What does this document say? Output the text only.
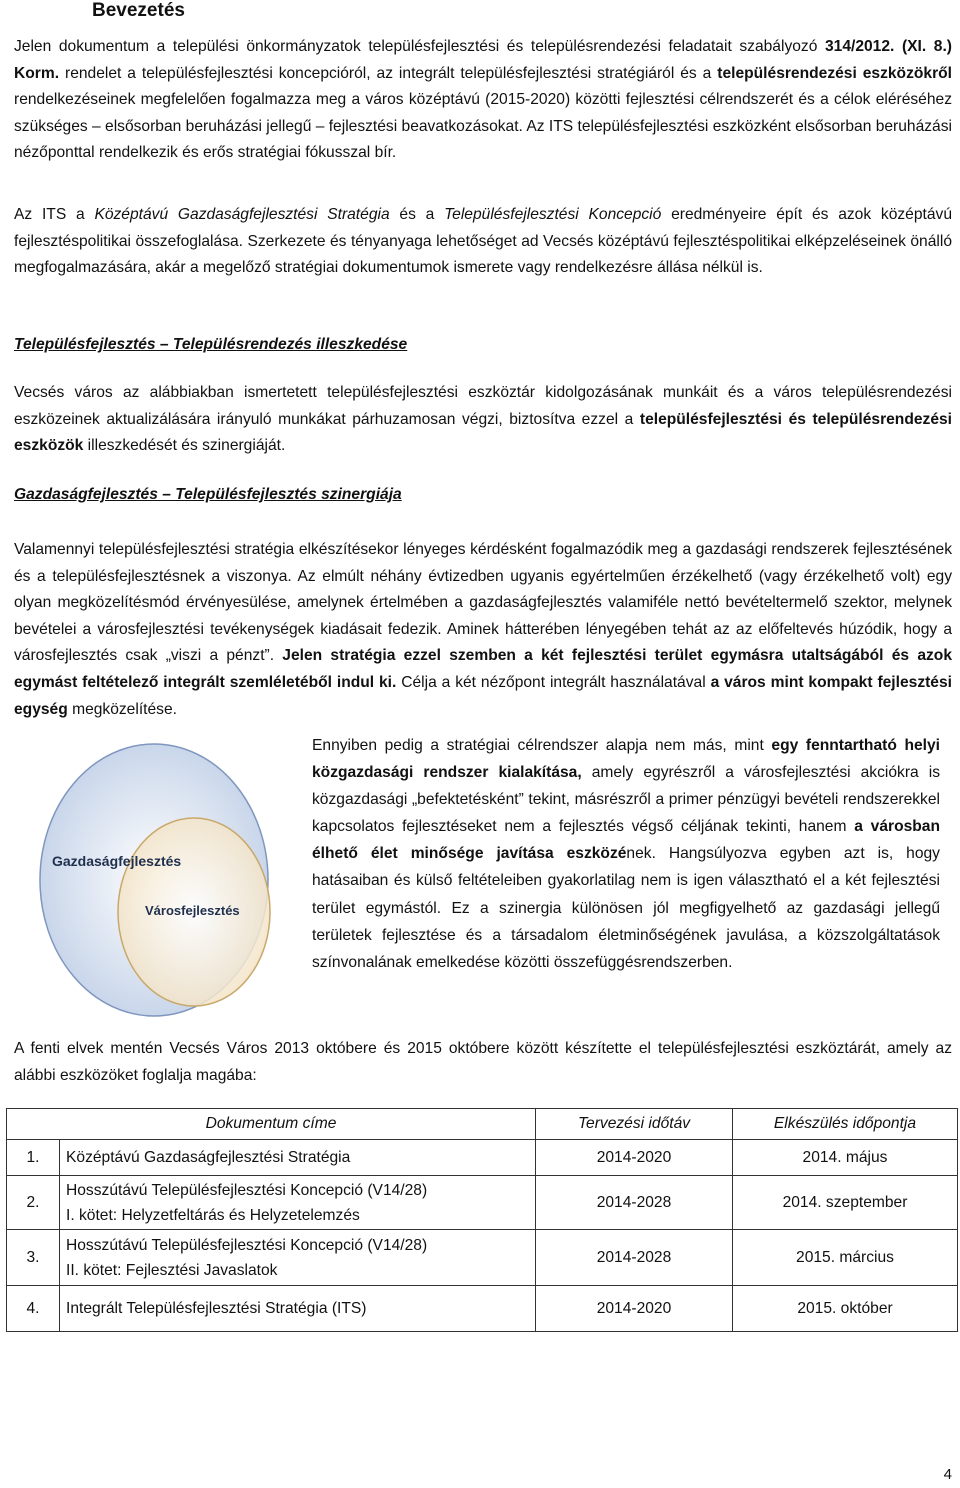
Bevezetés

Jelen dokumentum a települési önkormányzatok településfejlesztési és településrendezési feladatait szabályozó 314/2012. (XI. 8.) Korm. rendelet a településfejlesztési koncepcióról, az integrált településfejlesztési stratégiáról és a településrendezési eszközökről rendelkezéseinek megfelelően fogalmazza meg a város középtávú (2015-2020) közötti fejlesztési célrendszerét és a célok eléréséhez szükséges – elsősorban beruházási jellegű – fejlesztési beavatkozásokat. Az ITS településfejlesztési eszközként elsősorban beruházási nézőponttal rendelkezik és erős stratégiai fókusszal bír.

Az ITS a Középtávú Gazdaságfejlesztési Stratégia és a Településfejlesztési Koncepció eredményeire épít és azok középtávú fejlesztéspolitikai összefoglalása. Szerkezete és tényanyaga lehetőséget ad Vecsés középtávú fejlesztéspolitikai elképzeléseinek önálló megfogalmazására, akár a megelőző stratégiai dokumentumok ismerete vagy rendelkezésre állása nélkül is.

Településfejlesztés – Településrendezés illeszkedése

Vecsés város az alábbiakban ismertetett településfejlesztési eszköztár kidolgozásának munkáit és a város településrendezési eszközeinek aktualizálására irányuló munkákat párhuzamosan végzi, biztosítva ezzel a településfejlesztési és településrendezési eszközök illeszkedését és szinergiáját.

Gazdaságfejlesztés – Településfejlesztés szinergiája

Valamennyi településfejlesztési stratégia elkészítésekor lényeges kérdésként fogalmazódik meg a gazdasági rendszerek fejlesztésének és a településfejlesztésnek a viszonya. Az elmúlt néhány évtizedben ugyanis egyértelműen érzékelhető (vagy érzékelhető volt) egy olyan megközelítésmód érvényesülése, amelynek értelmében a gazdaságfejlesztés valamiféle nettó bevételtermelő szektor, melynek bevételei a városfejlesztési tevékenységek kiadásait fedezik. Aminek hátterében lényegében tehát az az előfeltevés húzódik, hogy a városfejlesztés csak „viszi a pénzt”. Jelen stratégia ezzel szemben a két fejlesztési terület egymásra utaltságából és azok egymást feltételező integrált szemléletéből indul ki. Célja a két nézőpont integrált használatával a város mint kompakt fejlesztési egység megközelítése.

Gazdaságfejlesztés
Városfejlesztés

Ennyiben pedig a stratégiai célrendszer alapja nem más, mint egy fenntartható helyi közgazdasági rendszer kialakítása, amely egyrészről a városfejlesztési akciókra is közgazdasági „befektetésként” tekint, másrészről a primer pénzügyi bevételi rendszerekkel kapcsolatos fejlesztéseket nem a fejlesztés végső céljának tekinti, hanem a városban élhető élet minősége javítása eszközének. Hangsúlyozva egyben azt is, hogy hatásaiban és külső feltételeiben gyakorlatilag nem is igen választható el a két fejlesztési terület egymástól. Ez a szinergia különösen jól megfigyelhető az gazdasági jellegű területek fejlesztése és a társadalom életminőségének javulása, a közszolgáltatások színvonalának emelkedése közötti összefüggésrendszerben.

A fenti elvek mentén Vecsés Város 2013 októbere és 2015 októbere között készítette el településfejlesztési eszköztárát, amely az alábbi eszközöket foglalja magába:

Dokumentum címe		Tervezési időtáv	Elkészülés időpontja
1.	Középtávú Gazdaságfejlesztési Stratégia	2014-2020	2014. május
2.	Hosszútávú Településfejlesztési Koncepció (V14/28)
I. kötet: Helyzetfeltárás és Helyzetelemzés	2014-2028	2014. szeptember
3.	Hosszútávú Településfejlesztési Koncepció (V14/28)
II. kötet: Fejlesztési Javaslatok	2014-2028	2015. március
4.	Integrált Településfejlesztési Stratégia (ITS)	2014-2020	2015. október
4
